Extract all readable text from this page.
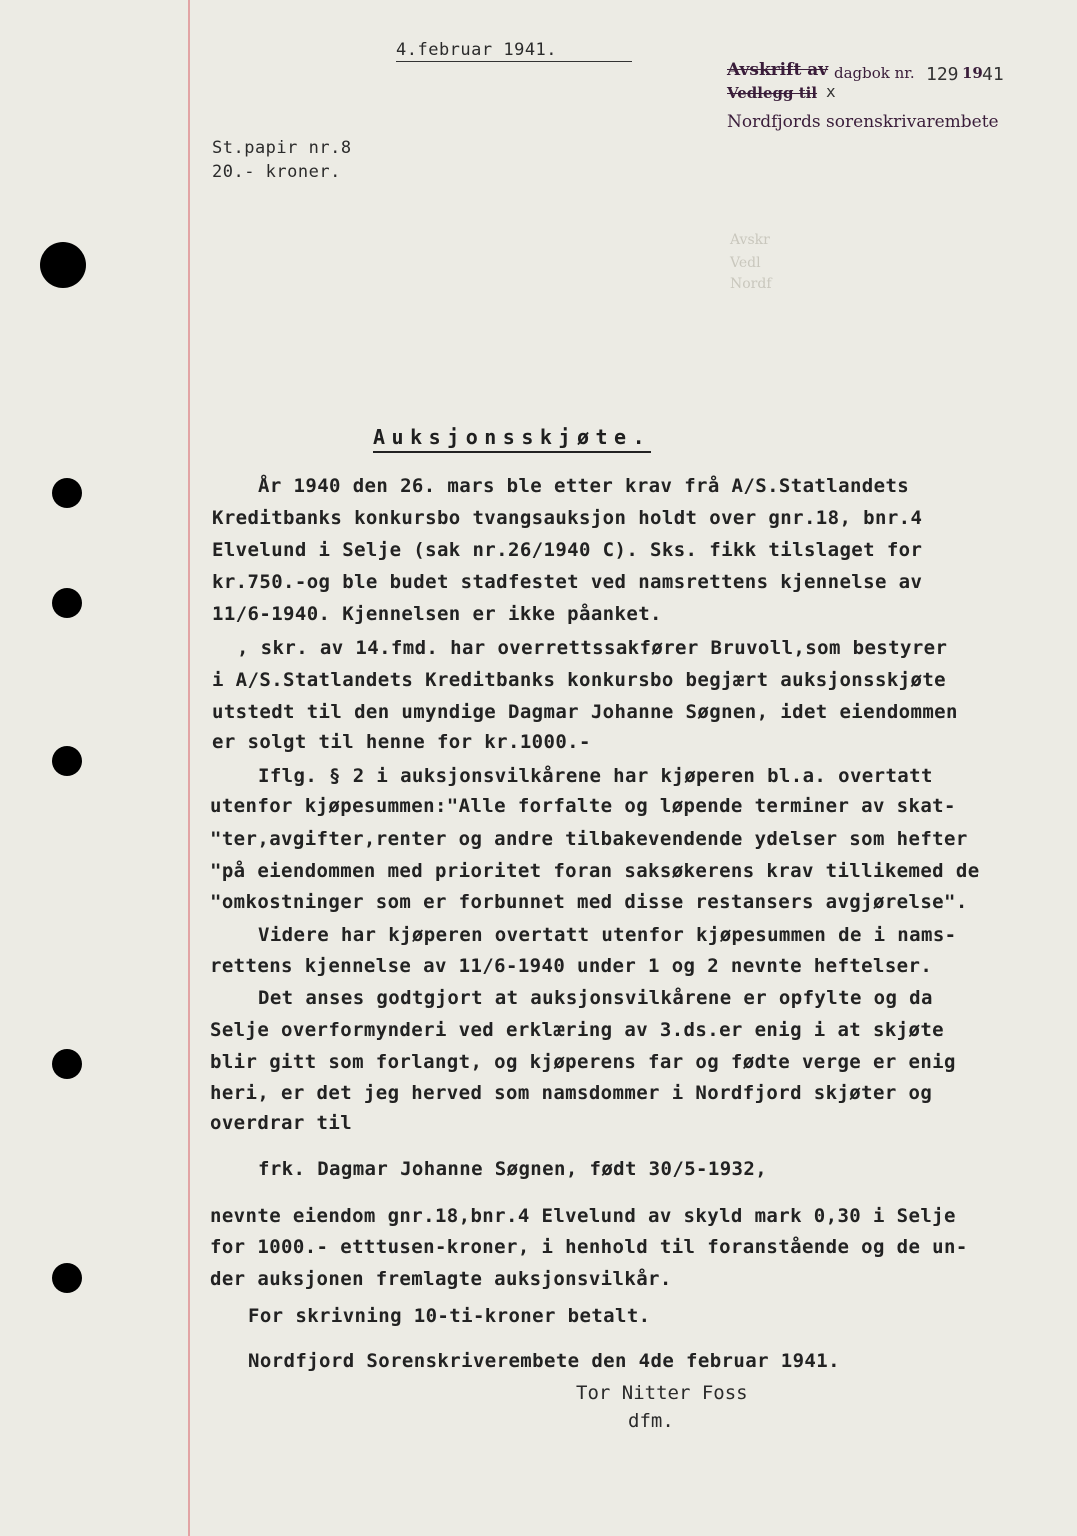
4.februar 1941.
St.papir nr.8
20.- kroner.
Avskrift av dagbok nr. 129 19 41
Vedlegg til x
Nordfjords sorenskrivarembete
Avskr
Vedl
Nordf
Auksjonsskjøte.
År 1940 den 26. mars ble etter krav frå A/S.Statlandets
Kreditbanks konkursbo tvangsauksjon holdt over gnr.18, bnr.4
Elvelund i Selje (sak nr.26/1940 C). Sks. fikk tilslaget for
kr.750.-og ble budet stadfestet ved namsrettens kjennelse av
11/6-1940. Kjennelsen er ikke påanket.
, skr. av 14.fmd. har overrettssakfører Bruvoll,som bestyrer
i A/S.Statlandets Kreditbanks konkursbo begjært auksjonsskjøte
utstedt til den umyndige Dagmar Johanne Søgnen, idet eiendommen
er solgt til henne for kr.1000.-
Iflg. § 2 i auksjonsvilkårene har kjøperen bl.a. overtatt
utenfor kjøpesummen:"Alle forfalte og løpende terminer av skat-
"ter,avgifter,renter og andre tilbakevendende ydelser som hefter
"på eiendommen med prioritet foran saksøkerens krav tillikemed de
"omkostninger som er forbunnet med disse restansers avgjørelse".
Videre har kjøperen overtatt utenfor kjøpesummen de i nams-
rettens kjennelse av 11/6-1940 under 1 og 2 nevnte heftelser.
Det anses godtgjort at auksjonsvilkårene er opfylte og da
Selje overformynderi ved erklæring av 3.ds.er enig i at skjøte
blir gitt som forlangt, og kjøperens far og fødte verge er enig
heri, er det jeg herved som namsdommer i Nordfjord skjøter og
overdrar til
frk. Dagmar Johanne Søgnen, født 30/5-1932,
nevnte eiendom gnr.18,bnr.4 Elvelund av skyld mark 0,30 i Selje
for 1000.- etttusen-kroner, i henhold til foranstående og de un-
der auksjonen fremlagte auksjonsvilkår.
For skrivning 10-ti-kroner betalt.
Nordfjord Sorenskriverembete den 4de februar 1941.
Tor Nitter Foss
dfm.
